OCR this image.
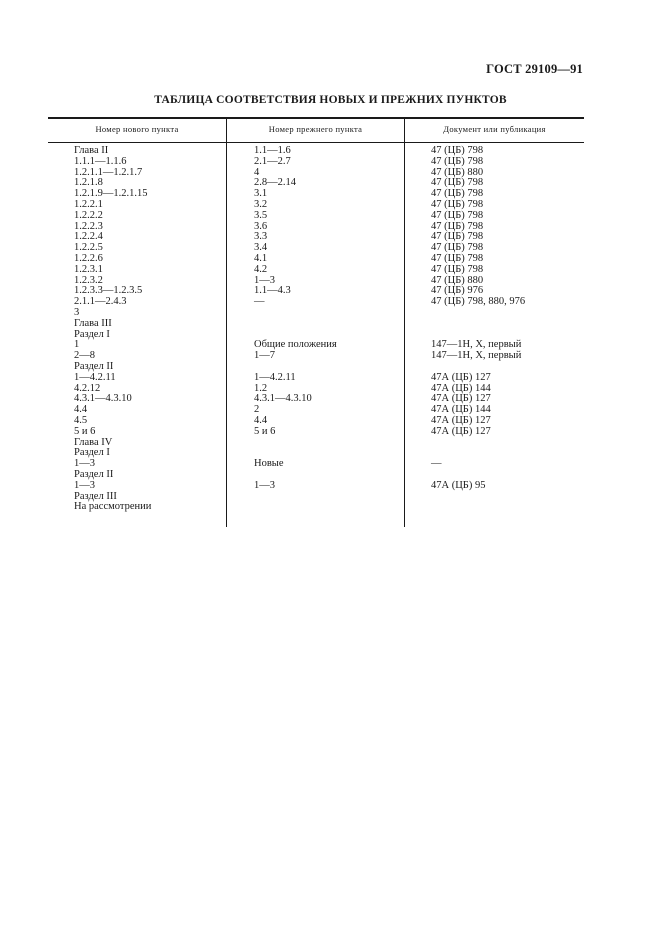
ГОСТ 29109—91
ТАБЛИЦА СООТВЕТСТВИЯ НОВЫХ И ПРЕЖНИХ ПУНКТОВ
Номер нового пункта	Номер прежнего пункта	Документ или публикация
Глава II	1.1—1.6	47 (ЦБ) 798
1.1.1—1.1.6	2.1—2.7	47 (ЦБ) 798
1.2.1.1—1.2.1.7	4	47 (ЦБ) 880
1.2.1.8	2.8—2.14	47 (ЦБ) 798
1.2.1.9—1.2.1.15	3.1	47 (ЦБ) 798
1.2.2.1	3.2	47 (ЦБ) 798
1.2.2.2	3.5	47 (ЦБ) 798
1.2.2.3	3.6	47 (ЦБ) 798
1.2.2.4	3.3	47 (ЦБ) 798
1.2.2.5	3.4	47 (ЦБ) 798
1.2.2.6	4.1	47 (ЦБ) 798
1.2.3.1	4.2	47 (ЦБ) 798
1.2.3.2	1—3	47 (ЦБ) 880
1.2.3.3—1.2.3.5	1.1—4.3	47 (ЦБ) 976
2.1.1—2.4.3	—	47 (ЦБ) 798, 880, 976
3
Глава III
Раздел I
1	Общие положения	147—1Н, X, первый
2—8	1—7	147—1Н, X, первый
Раздел II
1—4.2.11	1—4.2.11	47А (ЦБ) 127
4.2.12	1.2	47А (ЦБ) 144
4.3.1—4.3.10	4.3.1—4.3.10	47А (ЦБ) 127
4.4	2	47А (ЦБ) 144
4.5	4.4	47А (ЦБ) 127
5 и 6	5 и 6	47А (ЦБ) 127
Глава IV
Раздел I
1—3	Новые	—
Раздел II
1—3	1—3	47А (ЦБ) 95
Раздел III
На рассмотрении
